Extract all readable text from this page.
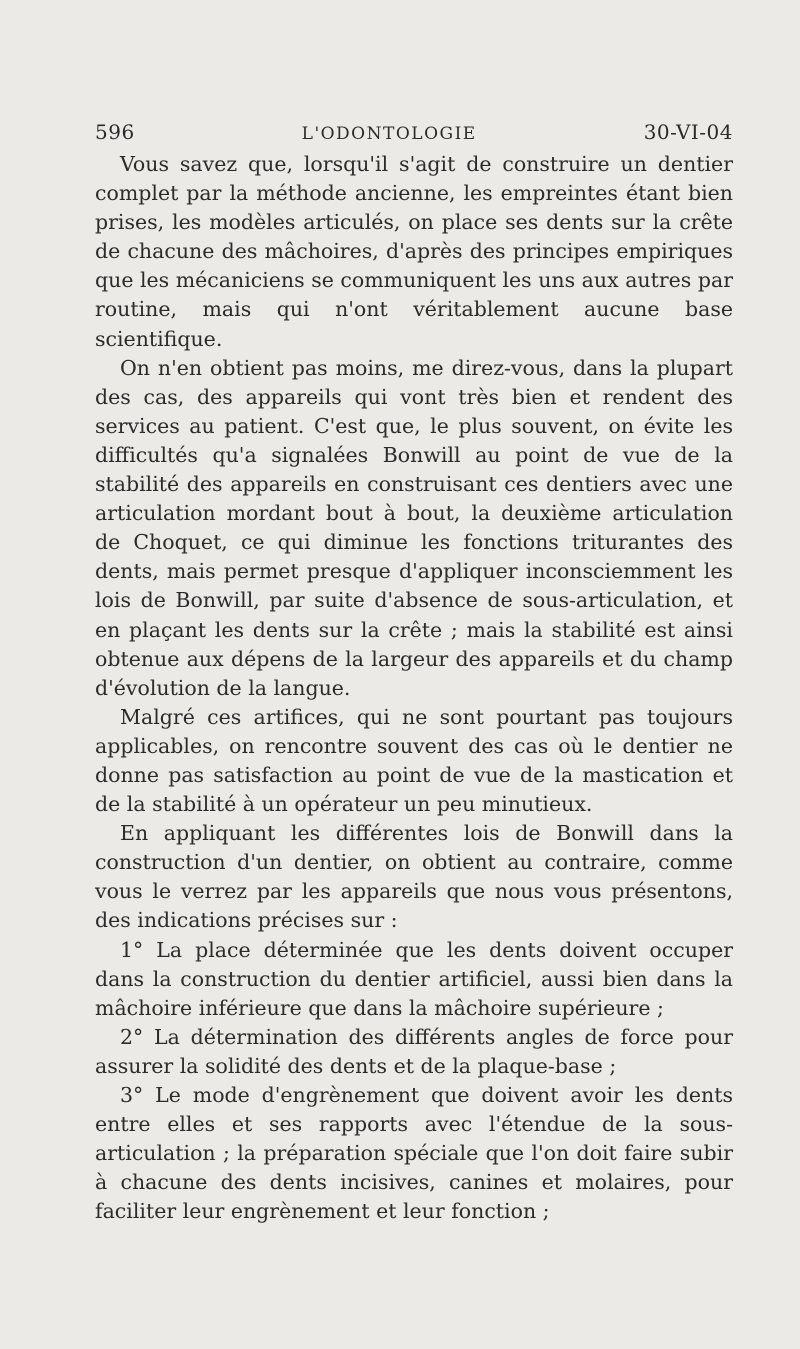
596	L'ODONTOLOGIE	30-VI-04

Vous savez que, lorsqu'il s'agit de construire un dentier complet par la méthode ancienne, les empreintes étant bien prises, les modèles articulés, on place ses dents sur la crête de chacune des mâchoires, d'après des principes empiriques que les mécaniciens se communiquent les uns aux autres par routine, mais qui n'ont véritablement aucune base scientifique.

On n'en obtient pas moins, me direz-vous, dans la plupart des cas, des appareils qui vont très bien et rendent des services au patient. C'est que, le plus souvent, on évite les difficultés qu'a signalées Bonwill au point de vue de la stabilité des appareils en construisant ces dentiers avec une articulation mordant bout à bout, la deuxième articulation de Choquet, ce qui diminue les fonctions triturantes des dents, mais permet presque d'appliquer inconsciemment les lois de Bonwill, par suite d'absence de sous-articulation, et en plaçant les dents sur la crête ; mais la stabilité est ainsi obtenue aux dépens de la largeur des appareils et du champ d'évolution de la langue.

Malgré ces artifices, qui ne sont pourtant pas toujours applicables, on rencontre souvent des cas où le dentier ne donne pas satisfaction au point de vue de la mastication et de la stabilité à un opérateur un peu minutieux.

En appliquant les différentes lois de Bonwill dans la construction d'un dentier, on obtient au contraire, comme vous le verrez par les appareils que nous vous présentons, des indications précises sur :

1° La place déterminée que les dents doivent occuper dans la construction du dentier artificiel, aussi bien dans la mâchoire inférieure que dans la mâchoire supérieure ;

2° La détermination des différents angles de force pour assurer la solidité des dents et de la plaque-base ;

3° Le mode d'engrènement que doivent avoir les dents entre elles et ses rapports avec l'étendue de la sous-articulation ; la préparation spéciale que l'on doit faire subir à chacune des dents incisives, canines et molaires, pour faciliter leur engrènement et leur fonction ;
